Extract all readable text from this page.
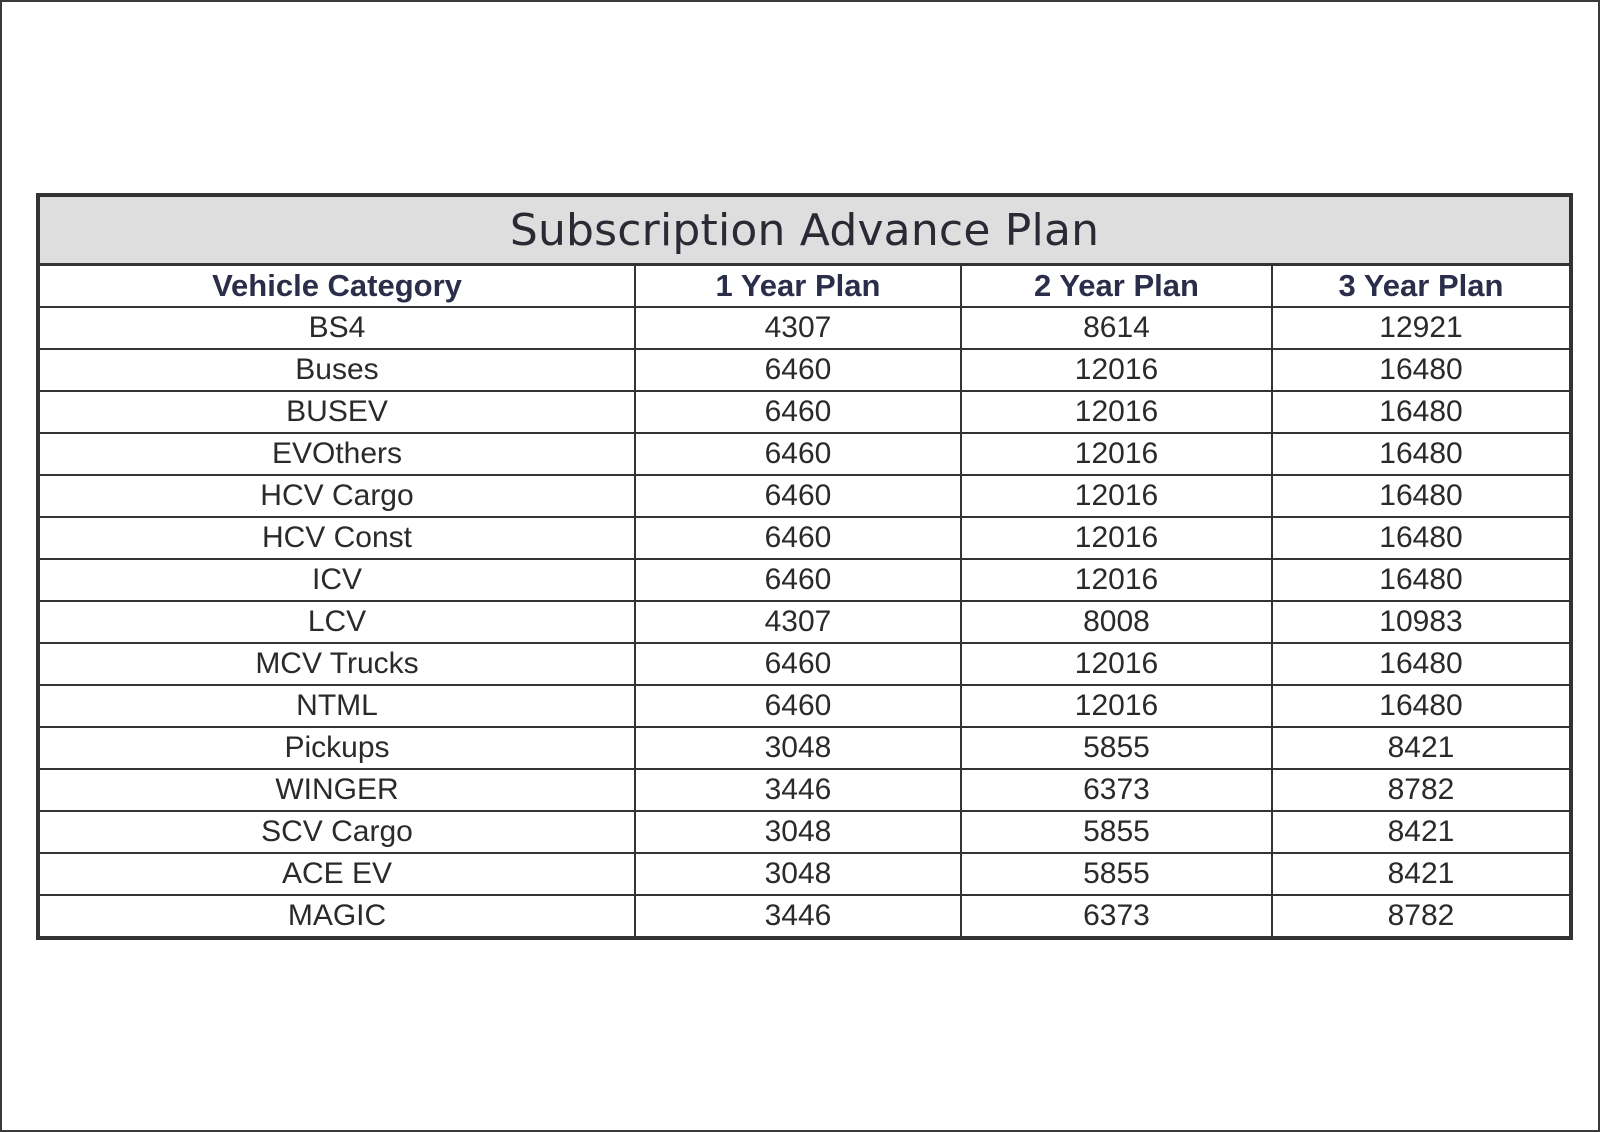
Subscription Advance Plan			
Vehicle Category	1 Year Plan	2 Year Plan	3 Year Plan
BS4	4307	8614	12921
Buses	6460	12016	16480
BUSEV	6460	12016	16480
EVOthers	6460	12016	16480
HCV Cargo	6460	12016	16480
HCV Const	6460	12016	16480
ICV	6460	12016	16480
LCV	4307	8008	10983
MCV Trucks	6460	12016	16480
NTML	6460	12016	16480
Pickups	3048	5855	8421
WINGER	3446	6373	8782
SCV Cargo	3048	5855	8421
ACE EV	3048	5855	8421
MAGIC	3446	6373	8782
